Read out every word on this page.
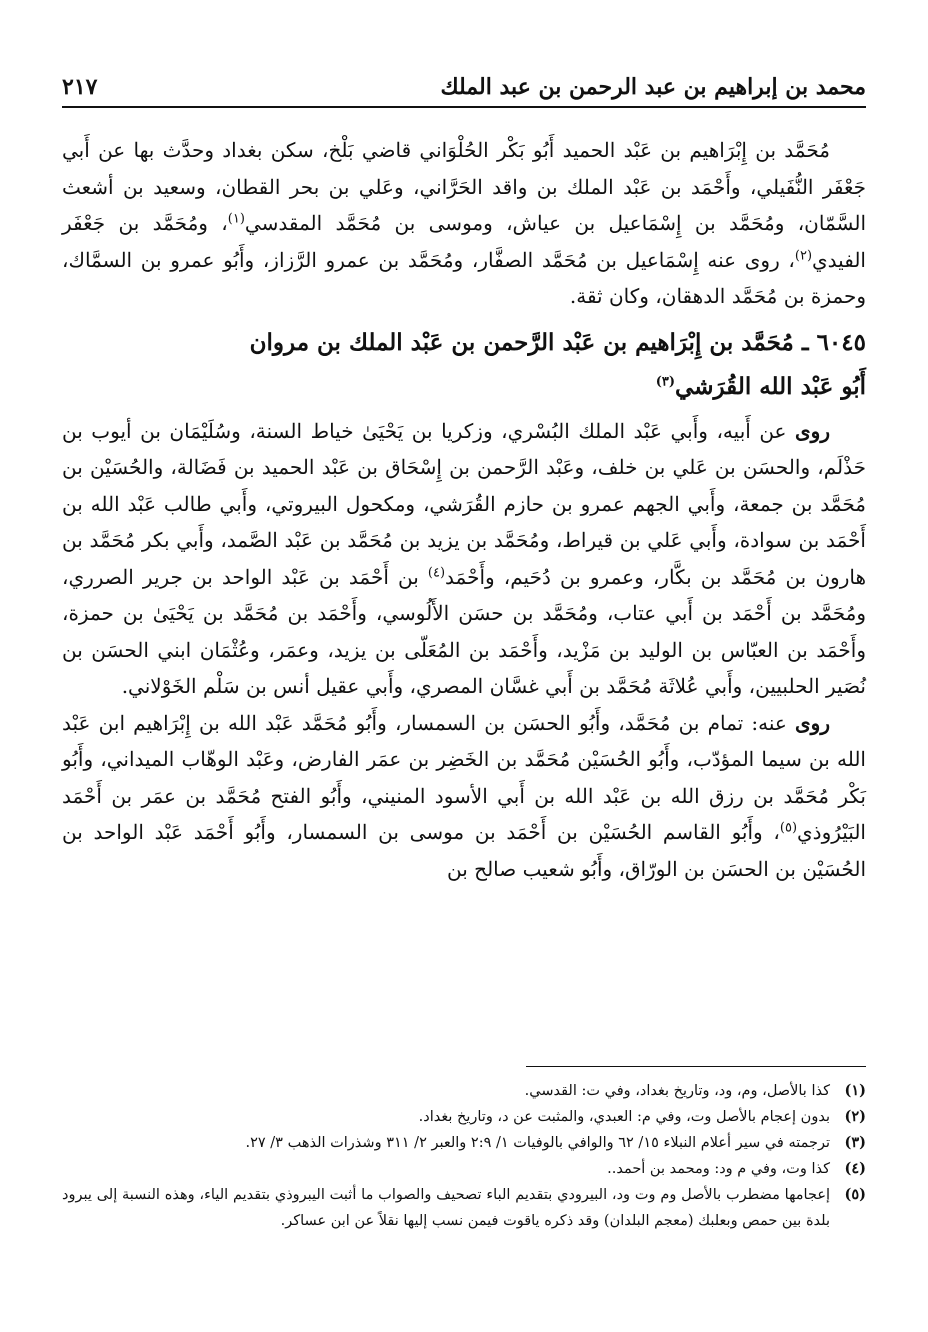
محمد بن إبراهيم بن عبد الرحمن بن عبد الملك
٢١٧

مُحَمَّد بن إِبْرَاهيم بن عَبْد الحميد أَبُو بَكْر الحُلْوَاني قاضي بَلْخ، سكن بغداد وحدَّث بها عن أَبي جَعْفَر النُّفَيلي، وأَحْمَد بن عَبْد الملك بن واقد الحَرَّاني، وعَلي بن بحر القطان، وسعيد بن أشعث السَّمّان، ومُحَمَّد بن إِسْمَاعيل بن عياش، وموسى بن مُحَمَّد المقدسي$^{(١)}$، ومُحَمَّد بن جَعْفَر الفيدي$^{(٢)}$، روى عنه إِسْمَاعيل بن مُحَمَّد الصفَّار، ومُحَمَّد بن عمرو الرَّزاز، وأَبُو عمرو بن السمَّاك، وحمزة بن مُحَمَّد الدهقان، وكان ثقة.

٦٠٤٥ ـ مُحَمَّد بن إِبْرَاهيم بن عَبْد الرَّحمن بن عَبْد الملك بن مروان
أَبُو عَبْد الله القُرَشي$^{(٣)}$

روى عن أَبيه، وأَبي عَبْد الملك البُسْري، وزكريا بن يَحْيَىٰ خياط السنة، وسُلَيْمَان بن أيوب بن حَذْلَم، والحسَن بن عَلي بن خلف، وعَبْد الرَّحمن بن إِسْحَاق بن عَبْد الحميد بن فَضَالة، والحُسَيْن بن مُحَمَّد بن جمعة، وأَبي الجهم عمرو بن حازم القُرَشي، ومكحول البيروتي، وأَبي طالب عَبْد الله بن أَحْمَد بن سوادة، وأَبي عَلي بن قيراط، ومُحَمَّد بن يزيد بن مُحَمَّد بن عَبْد الصَّمد، وأَبي بكر مُحَمَّد بن هارون بن مُحَمَّد بن بكَّار، وعمرو بن دُحَيم، وأَحْمَد$^{(٤)}$ بن أَحْمَد بن عَبْد الواحد بن جرير الصرري، ومُحَمَّد بن أَحْمَد بن أَبي عتاب، ومُحَمَّد بن حسَن الأَلُوسي، وأَحْمَد بن مُحَمَّد بن يَحْيَىٰ بن حمزة، وأَحْمَد بن العبّاس بن الوليد بن مَزْيد، وأَحْمَد بن المُعَلّى بن يزيد، وعمَر، وعُثْمَان ابني الحسَن بن نُصَير الحلبيين، وأَبي عُلاثَة مُحَمَّد بن أَبي غسَّان المصري، وأَبي عقيل أنس بن سَلْم الخَوْلاني.

روى عنه: تمام بن مُحَمَّد، وأَبُو الحسَن بن السمسار، وأَبُو مُحَمَّد عَبْد الله بن إِبْرَاهيم ابن عَبْد الله بن سيما المؤدّب، وأَبُو الحُسَيْن مُحَمَّد بن الخَضِر بن عمَر الفارض، وعَبْد الوهّاب الميداني، وأَبُو بَكْر مُحَمَّد بن رزق الله بن عَبْد الله بن أَبي الأسود المنيني، وأَبُو الفتح مُحَمَّد بن عمَر بن أَحْمَد البَيْرُوذي$^{(٥)}$، وأَبُو القاسم الحُسَيْن بن أَحْمَد بن موسى بن السمسار، وأَبُو أَحْمَد عَبْد الواحد بن الحُسَيْن بن الحسَن بن الورّاق، وأَبُو شعيب صالح بن

(١)
كذا بالأصل، وم، ود، وتاريخ بغداد، وفي ت: القدسي.
(٢)
بدون إعجام بالأصل وت، وفي م: العبدي، والمثبت عن د، وتاريخ بغداد.
(٣)
ترجمته في سير أعلام النبلاء ١٥/ ٦٢ والوافي بالوفيات ١/ ٢:٩ والعبر ٢/ ٣١١ وشذرات الذهب ٣/ ٢٧.
(٤)
كذا وت، وفي م ود: ومحمد بن أحمد..
(٥)
إعجامها مضطرب بالأصل وم وت ود، البيرودي بتقديم الباء تصحيف والصواب ما أثبت اليبروذي بتقديم الياء، وهذه النسبة إلى يبرود بلدة بين حمص وبعلبك (معجم البلدان) وقد ذكره ياقوت فيمن نسب إليها نقلاً عن ابن عساكر.
